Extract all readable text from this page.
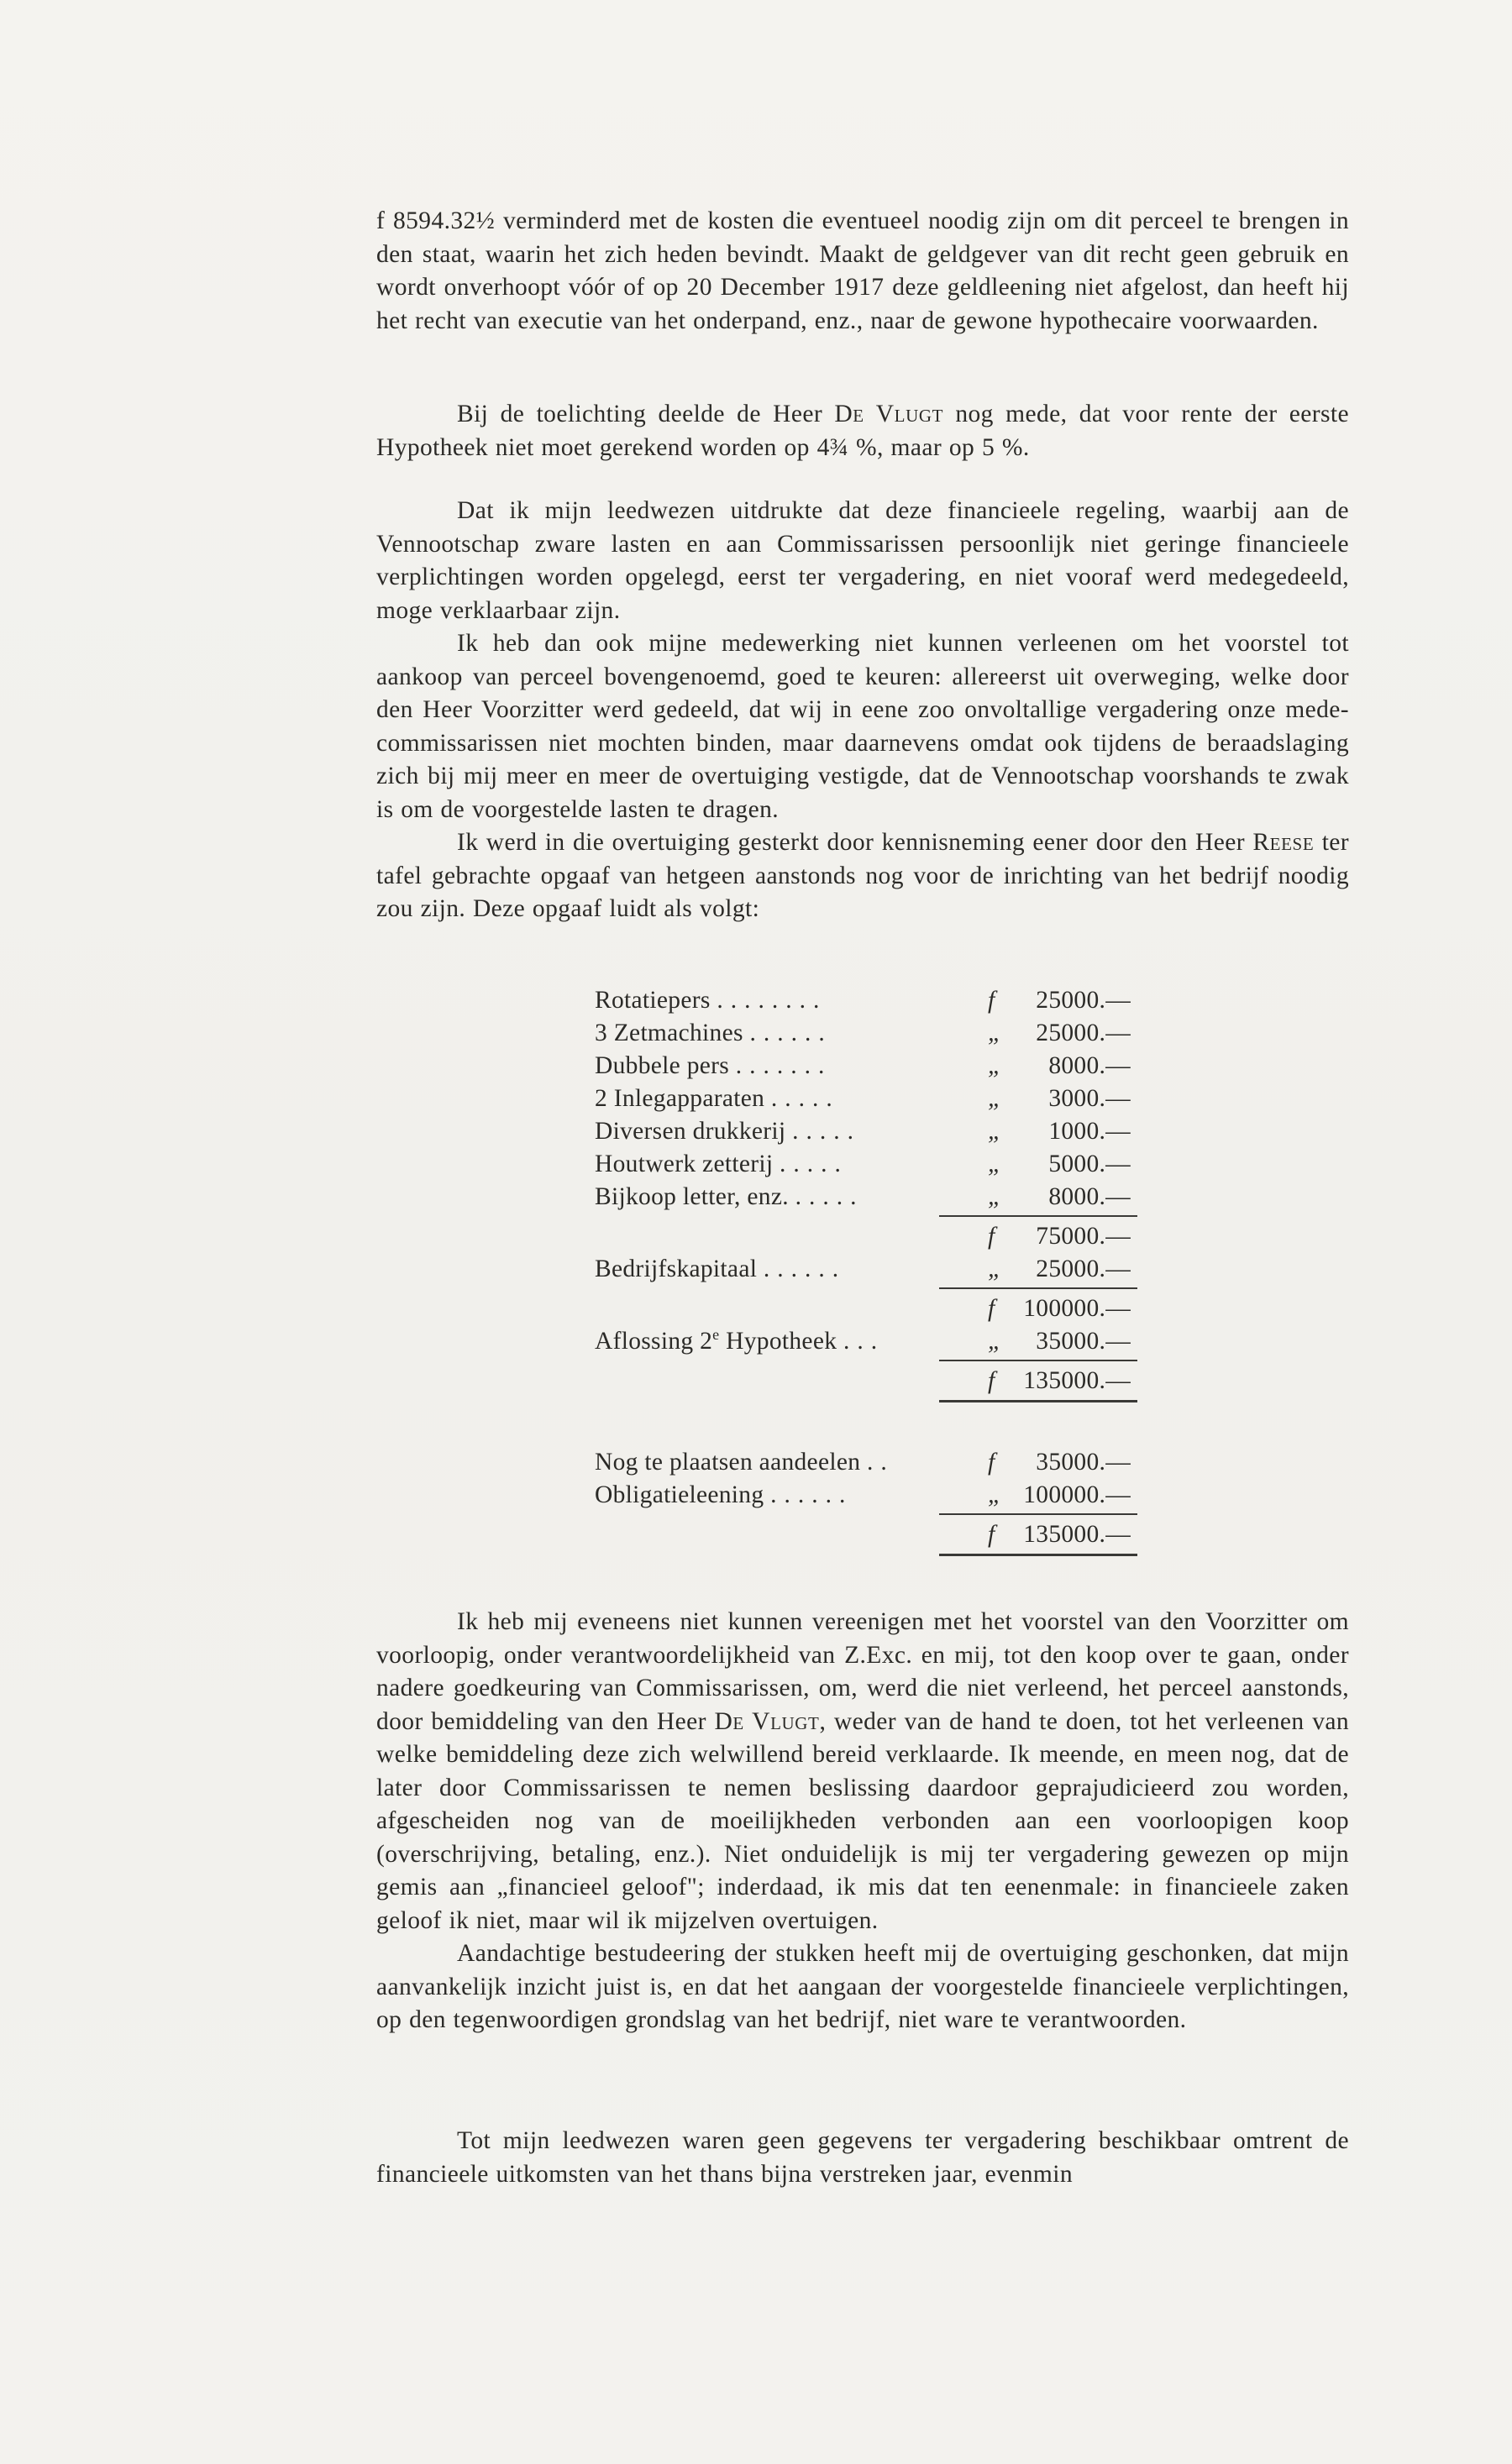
f 8594.32½ verminderd met de kosten die eventueel noodig zijn om dit perceel te brengen in den staat, waarin het zich heden bevindt. Maakt de geldgever van dit recht geen gebruik en wordt onverhoopt vóór of op 20 December 1917 deze geldleening niet afgelost, dan heeft hij het recht van executie van het onderpand, enz., naar de gewone hypothecaire voorwaarden.

Bij de toelichting deelde de Heer De Vlugt nog mede, dat voor rente der eerste Hypotheek niet moet gerekend worden op 4¾ %, maar op 5 %.

Dat ik mijn leedwezen uitdrukte dat deze financieele regeling, waarbij aan de Vennootschap zware lasten en aan Commissarissen persoonlijk niet geringe financieele verplichtingen worden opgelegd, eerst ter vergadering, en niet vooraf werd medegedeeld, moge verklaarbaar zijn.

Ik heb dan ook mijne medewerking niet kunnen verleenen om het voorstel tot aankoop van perceel bovengenoemd, goed te keuren: allereerst uit overweging, welke door den Heer Voorzitter werd gedeeld, dat wij in eene zoo onvoltallige vergadering onze mede-commissarissen niet mochten binden, maar daarnevens omdat ook tijdens de beraadslaging zich bij mij meer en meer de overtuiging vestigde, dat de Vennootschap voorshands te zwak is om de voorgestelde lasten te dragen.

Ik werd in die overtuiging gesterkt door kennisneming eener door den Heer Reese ter tafel gebrachte opgaaf van hetgeen aanstonds nog voor de inrichting van het bedrijf noodig zou zijn. Deze opgaaf luidt als volgt:

Rotatiepers ........	f 25000.—
3 Zetmachines ......	„ 25000.—
Dubbele pers .......	„ 8000.—
2 Inlegapparaten .....	„ 3000.—
Diversen drukkerij .....	„ 1000.—
Houtwerk zetterij .....	„ 5000.—
Bijkoop letter, enz. .....	„ 8000.—
f 75000.—
Bedrijfskapitaal ......	„ 25000.—
f 100000.—
Aflossing 2e Hypotheek ...	„ 35000.—
f 135000.—
Nog te plaatsen aandeelen ..	f 35000.—
Obligatieleening ......	„ 100000.—
f 135000.—

Ik heb mij eveneens niet kunnen vereenigen met het voorstel van den Voorzitter om voorloopig, onder verantwoordelijkheid van Z.Exc. en mij, tot den koop over te gaan, onder nadere goedkeuring van Commissarissen, om, werd die niet verleend, het perceel aanstonds, door bemiddeling van den Heer De Vlugt, weder van de hand te doen, tot het verleenen van welke bemiddeling deze zich welwillend bereid verklaarde. Ik meende, en meen nog, dat de later door Commissarissen te nemen beslissing daardoor geprajudicieerd zou worden, afgescheiden nog van de moeilijkheden verbonden aan een voorloopigen koop (overschrijving, betaling, enz.). Niet onduidelijk is mij ter vergadering gewezen op mijn gemis aan „financieel geloof"; inderdaad, ik mis dat ten eenenmale: in financieele zaken geloof ik niet, maar wil ik mijzelven overtuigen.

Aandachtige bestudeering der stukken heeft mij de overtuiging geschonken, dat mijn aanvankelijk inzicht juist is, en dat het aangaan der voorgestelde financieele verplichtingen, op den tegenwoordigen grondslag van het bedrijf, niet ware te verantwoorden.

Tot mijn leedwezen waren geen gegevens ter vergadering beschikbaar omtrent de financieele uitkomsten van het thans bijna verstreken jaar, evenmin
